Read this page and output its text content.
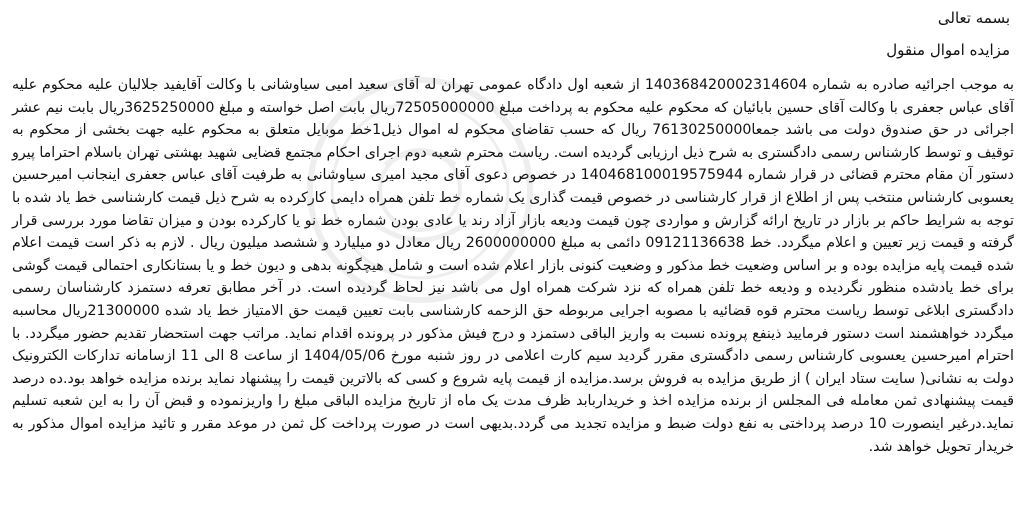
بسمه تعالی
مزایده اموال منقول
به موجب اجرائیه صادره به شماره 140368420002314604 از شعبه اول دادگاه عمومی تهران له آقای سعید امیی سیاوشانی با وکالت آقایفید جلالیان علیه محکوم علیه آقای عباس جعفری با وکالت آقای حسین بابائیان که محکوم علیه محکوم به پرداخت مبلغ 72505000000ریال بابت اصل خواسته و مبلغ 3625250000ریال بابت نیم عشر اجرائی در حق صندوق دولت می باشد جمعا76130250000 ریال که حسب تقاضای محکوم له اموال ذیل1خط موبایل متعلق به محکوم علیه جهت بخشی از محکوم به توقیف و توسط کارشناس رسمی دادگستری به شرح ذیل ارزیابی گردیده است. ریاست محترم شعبه دوم اجرای احکام مجتمع قضایی شهید بهشتی تهران باسلام احتراما پیرو دستور آن مقام محترم قضائی در قرار شماره 140468100019575944 در خصوص دعوی آقای مجید امیری سیاوشانی به طرفیت آقای عباس جعفری اینجانب امیرحسین یعسوبی کارشناس منتخب پس از اطلاع از قرار کارشناسی در خصوص قیمت گذاری یک شماره خط تلفن همراه دایمی کارکرده به شرح ذیل قیمت کارشناسی خط یاد شده با توجه به شرایط حاکم بر بازار در تاریخ ارائه گزارش و مواردی چون قیمت ودیعه بازار آزاد رند یا عادی بودن شماره خط نو یا کارکرده بودن و میزان تقاضا مورد بررسی قرار گرفته و قیمت زیر تعیین و اعلام میگردد. خط 09121136638 دائمی به مبلغ 2600000000 ریال معادل دو میلیارد و ششصد میلیون ریال . لازم به ذکر است قیمت اعلام شده قیمت پایه مزایده بوده و بر اساس وضعیت خط مذکور و وضعیت کنونی بازار اعلام شده است و شامل هیچگونه بدهی و دیون خط و یا بستانکاری احتمالی قیمت گوشی برای خط یادشده منظور نگردیده و ودیعه خط تلفن همراه که نزد شرکت همراه اول می باشد نیز لحاظ گردیده است. در آخر مطابق تعرفه دستمزد کارشناسان رسمی دادگستری ابلاغی توسط ریاست محترم قوه قضائیه با مصوبه اجرایی مربوطه حق الزحمه کارشناسی بابت تعیین قیمت حق الامتیاز خط یاد شده 21300000ریال محاسبه میگردد خواهشمند است دستور فرمایید ذینفع پرونده نسبت به واریز الباقی دستمزد و درج فیش مذکور در پرونده اقدام نماید. مراتب جهت استحضار تقدیم حضور میگردد. با احترام امیرحسین یعسوبی کارشناس رسمی دادگستری مقرر گردید سیم کارت اعلامی در روز شنبه مورخ 1404/05/06 از ساعت 8 الی 11 ازسامانه تدارکات الکترونیک دولت به نشانی( سایت ستاد ایران ) از طریق مزایده به فروش برسد.مزایده از قیمت پایه شروع و کسی که بالاترین قیمت را پیشنهاد نماید برنده مزایده خواهد بود.ده درصد قیمت پیشنهادی ثمن معامله فی المجلس از برنده مزایده اخذ و خریداربابد ظرف مدت یک ماه از تاریخ مزایده الباقی مبلغ را واریزنموده و قبض آن را به این شعبه تسلیم نماید.درغیر اینصورت 10 درصد پرداختی به نفع دولت ضبط و مزایده تجدید می گردد.بدیهی است در صورت پرداخت کل ثمن در موعد مقرر و تائید مزایده اموال مذکور به خریدار تحویل خواهد شد.
